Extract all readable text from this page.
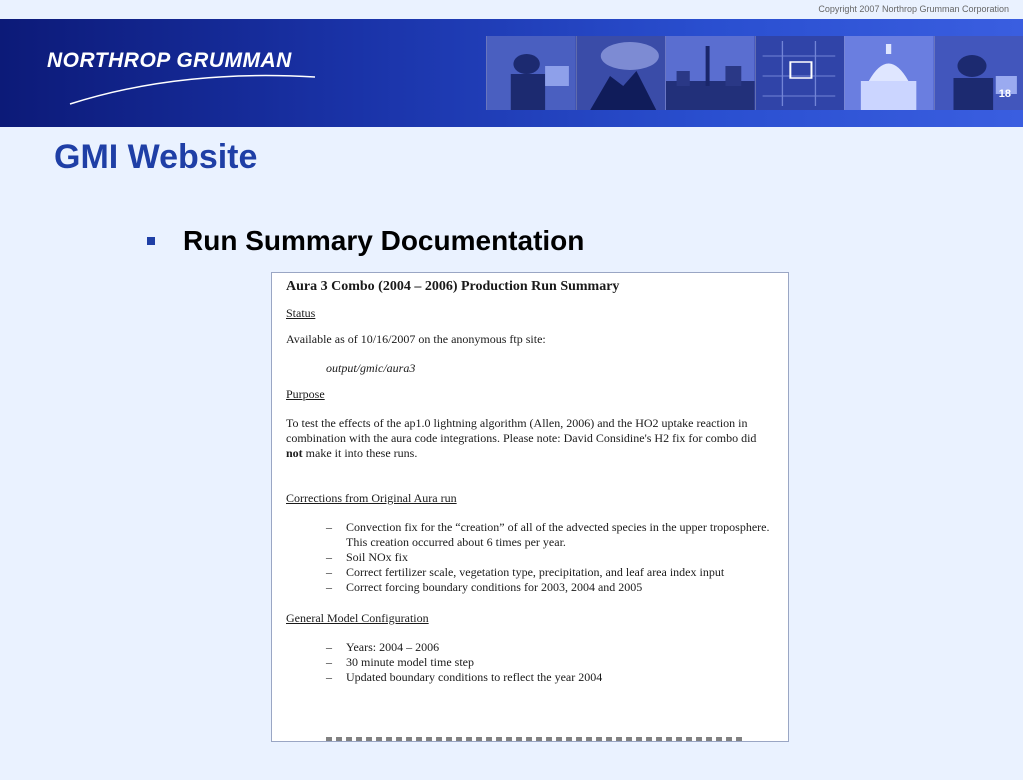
Copyright 2007 Northrop Grumman Corporation
NORTHROP GRUMMAN
18
GMI Website
Run Summary Documentation

Aura 3 Combo (2004 – 2006) Production Run Summary

Status

Available as of 10/16/2007 on the anonymous ftp site:

output/gmic/aura3

Purpose

To test the effects of the ap1.0 lightning algorithm (Allen, 2006) and the HO2 uptake reaction in combination with the aura code integrations. Please note: David Considine's H2 fix for combo did not make it into these runs.

Corrections from Original Aura run

– Convection fix for the “creation” of all of the advected species in the upper troposphere. This creation occurred about 6 times per year.
– Soil NOx fix
– Correct fertilizer scale, vegetation type, precipitation, and leaf area index input
– Correct forcing boundary conditions for 2003, 2004 and 2005

General Model Configuration

– Years: 2004 – 2006
– 30 minute model time step
– Updated boundary conditions to reflect the year 2004
